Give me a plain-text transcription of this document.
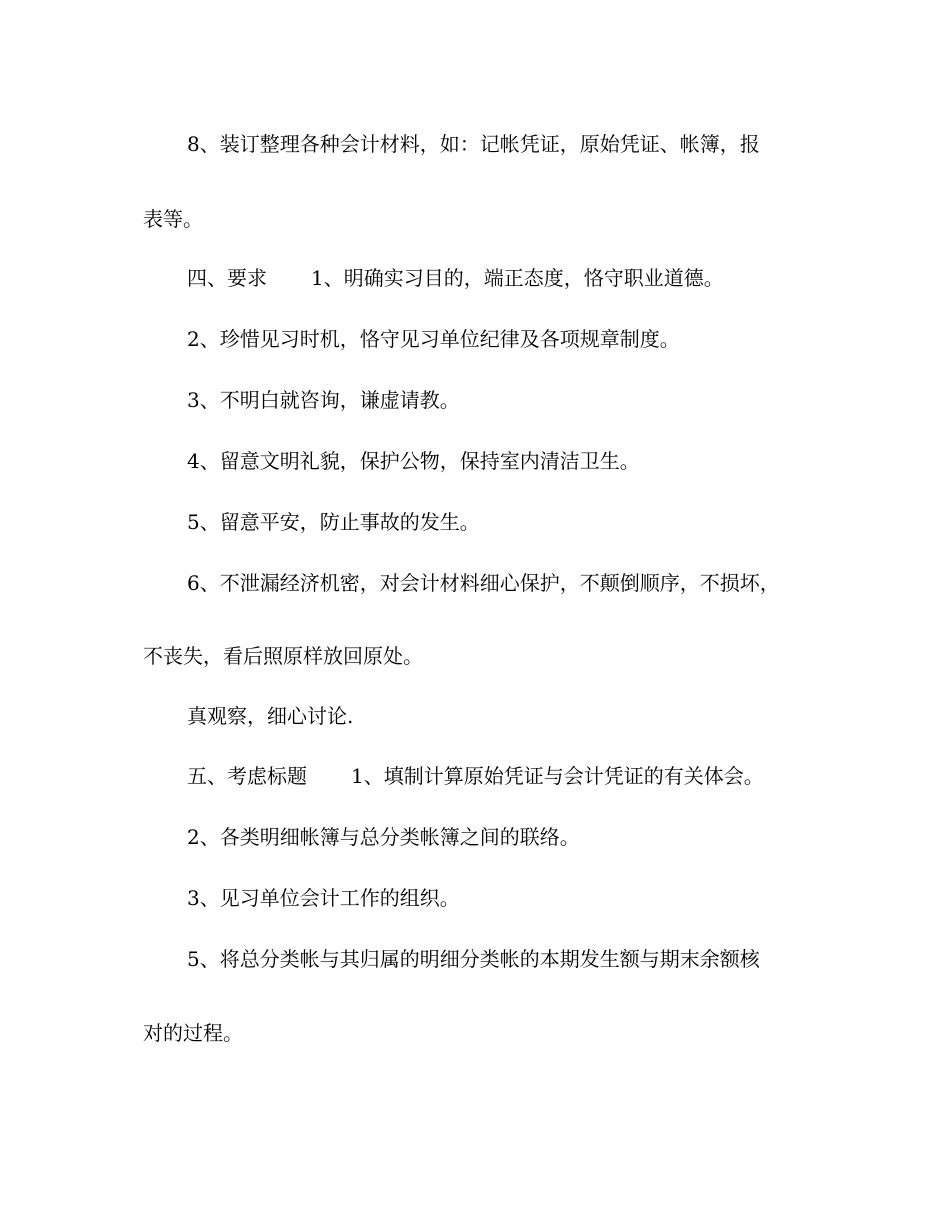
8、装订整理各种会计材料，如：记帐凭证，原始凭证、帐簿，报

表等。

四、要求 1、明确实习目的，端正态度，恪守职业道德。

2、珍惜见习时机，恪守见习单位纪律及各项规章制度。

3、不明白就咨询，谦虚请教。

4、留意文明礼貌，保护公物，保持室内清洁卫生。

5、留意平安，防止事故的发生。

6、不泄漏经济机密，对会计材料细心保护，不颠倒顺序，不损坏，

不丧失，看后照原样放回原处。

真观察，细心讨论.

五、考虑标题 1、填制计算原始凭证与会计凭证的有关体会。

2、各类明细帐簿与总分类帐簿之间的联络。

3、见习单位会计工作的组织。

5、将总分类帐与其归属的明细分类帐的本期发生额与期末余额核

对的过程。
